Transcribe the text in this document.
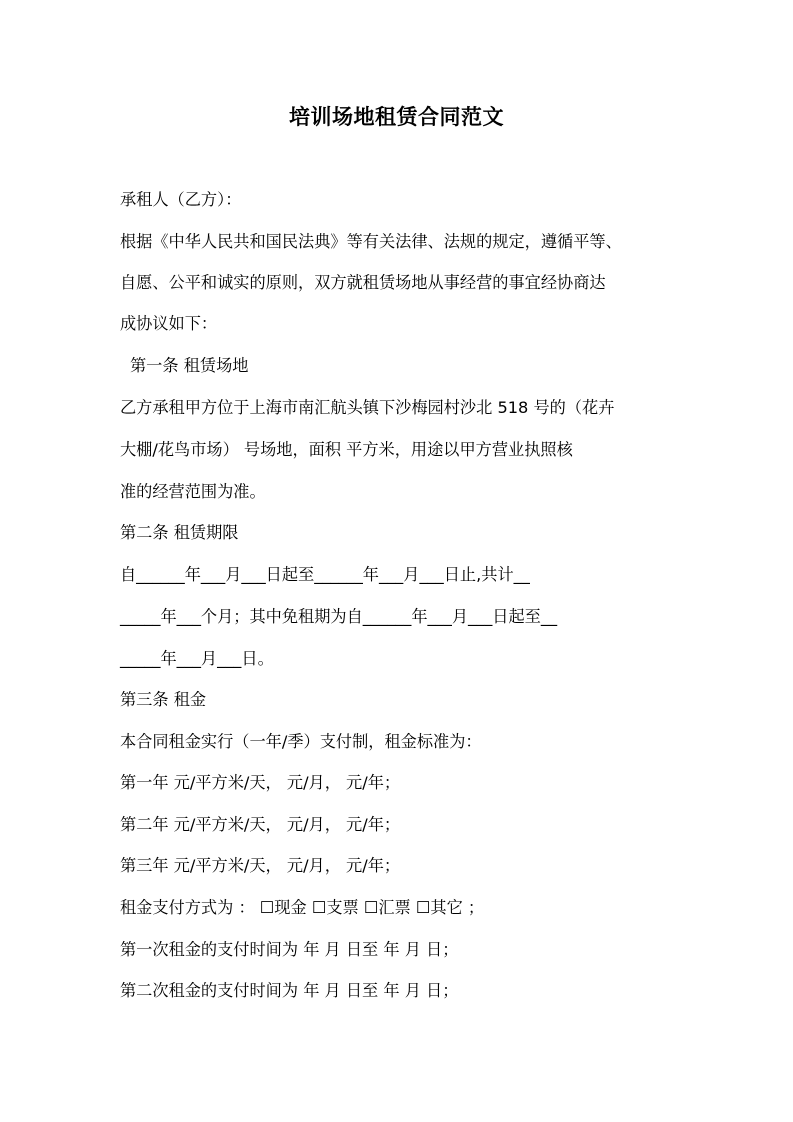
培训场地租赁合同范文
承租人（乙方）：
根据《中华人民共和国民法典》等有关法律、法规的规定，遵循平等、
自愿、公平和诚实的原则，双方就租赁场地从事经营的事宜经协商达
成协议如下：
第一条 租赁场地
乙方承租甲方位于上海市南汇航头镇下沙梅园村沙北 518 号的（花卉
大棚/花鸟市场） 号场地，面积 平方米，用途以甲方营业执照核
准的经营范围为准。
第二条 租赁期限
自______年___月___日起至______年___月___日止,共计__
_____年___个月；其中免租期为自______年___月___日起至__
_____年___月___日。
第三条 租金
本合同租金实行（一年/季）支付制，租金标准为：
第一年 元/平方米/天， 元/月， 元/年；
第二年 元/平方米/天， 元/月， 元/年；
第三年 元/平方米/天， 元/月， 元/年；
租金支付方式为 ： ☐现金 ☐支票 ☐汇票 ☐其它 ；
第一次租金的支付时间为 年 月 日至 年 月 日；
第二次租金的支付时间为 年 月 日至 年 月 日；
